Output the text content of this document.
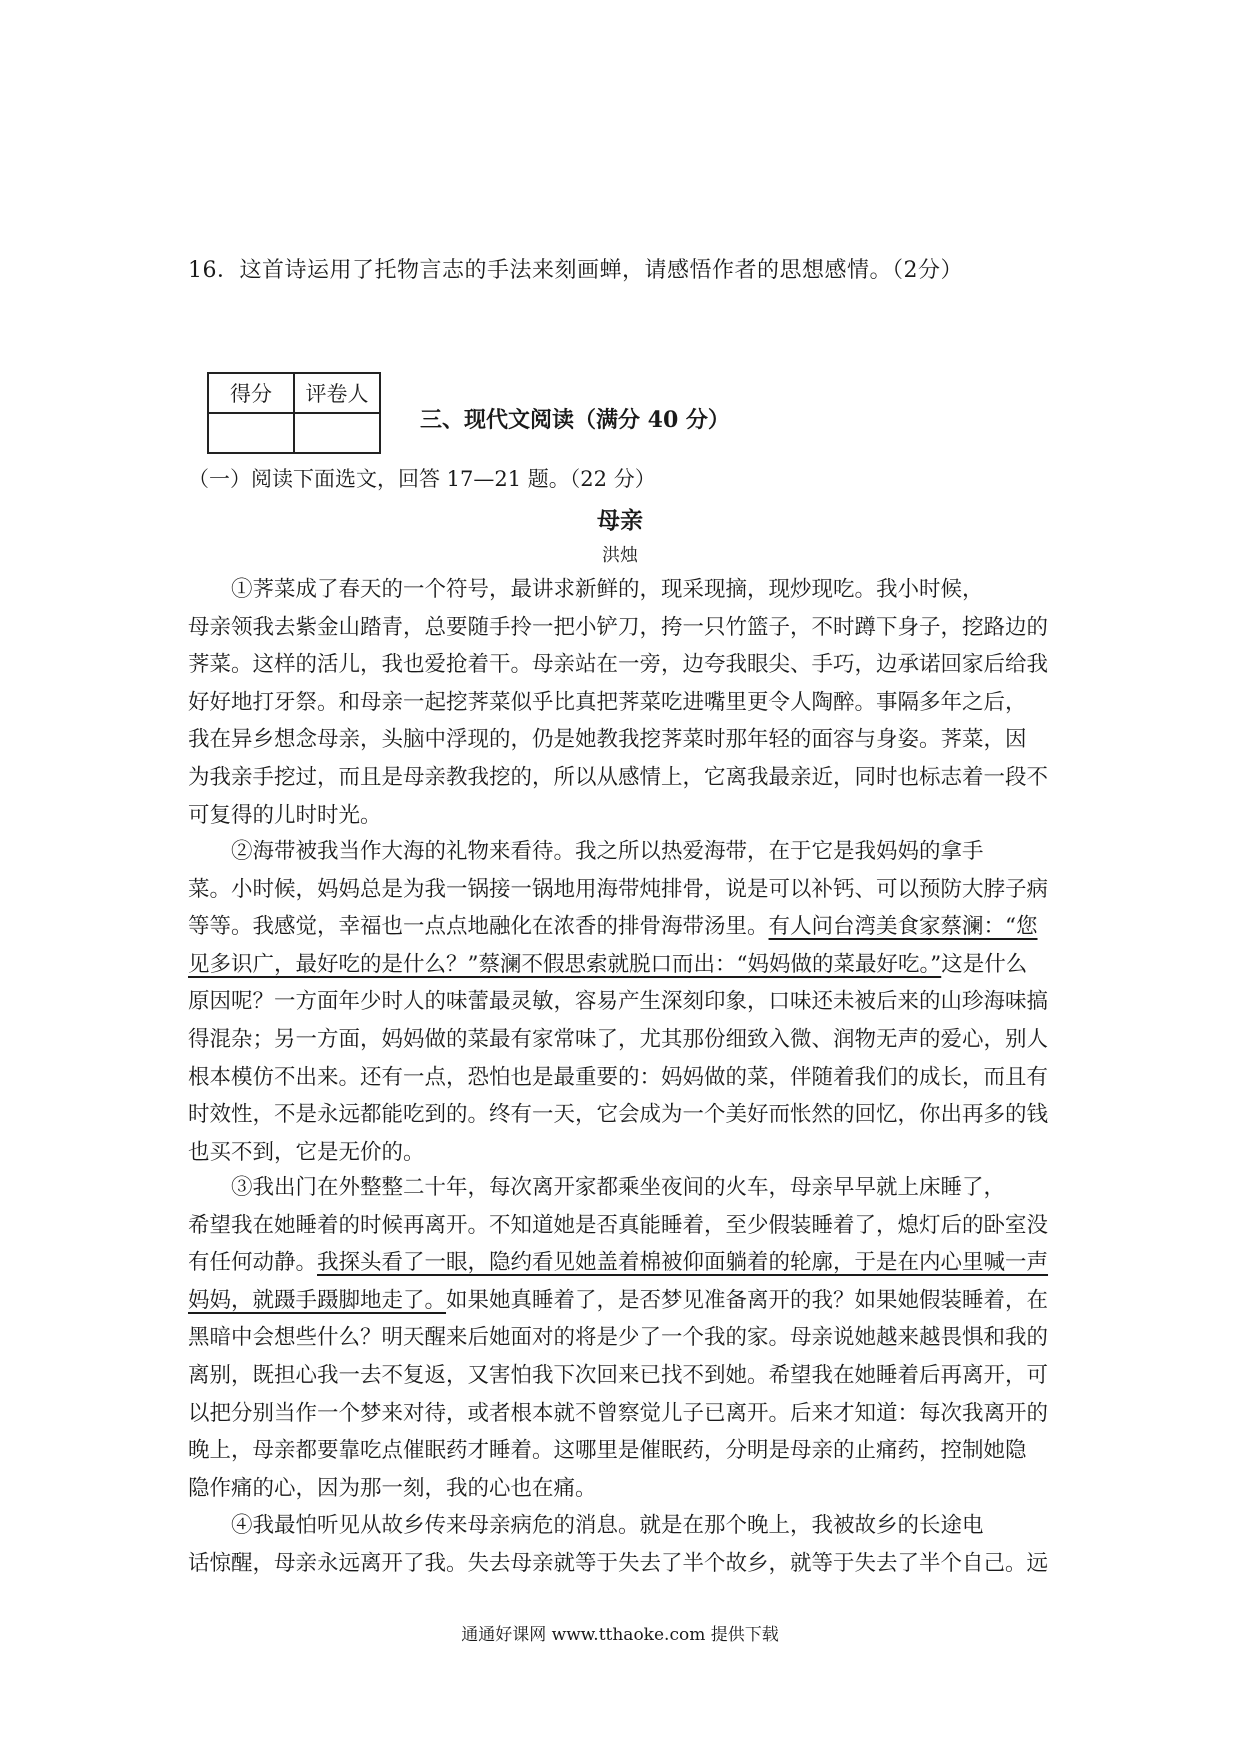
16．这首诗运用了托物言志的手法来刻画蝉，请感悟作者的思想感情。（2分）
得分	评卷人

三、现代文阅读（满分 40 分）
（一）阅读下面选文，回答 17—21 题。（22 分）
母亲
洪烛
①荠菜成了春天的一个符号，最讲求新鲜的，现采现摘，现炒现吃。我小时候，
母亲领我去紫金山踏青，总要随手拎一把小铲刀，挎一只竹篮子，不时蹲下身子，挖路边的
荠菜。这样的活儿，我也爱抢着干。母亲站在一旁，边夸我眼尖、手巧，边承诺回家后给我
好好地打牙祭。和母亲一起挖荠菜似乎比真把荠菜吃进嘴里更令人陶醉。事隔多年之后，
我在异乡想念母亲，头脑中浮现的，仍是她教我挖荠菜时那年轻的面容与身姿。荠菜，因
为我亲手挖过，而且是母亲教我挖的，所以从感情上，它离我最亲近，同时也标志着一段不
可复得的儿时时光。
②海带被我当作大海的礼物来看待。我之所以热爱海带，在于它是我妈妈的拿手
菜。小时候，妈妈总是为我一锅接一锅地用海带炖排骨，说是可以补钙、可以预防大脖子病
等等。我感觉，幸福也一点点地融化在浓香的排骨海带汤里。有人问台湾美食家蔡澜：“您
见多识广，最好吃的是什么？”蔡澜不假思索就脱口而出：“妈妈做的菜最好吃。”这是什么
原因呢？一方面年少时人的味蕾最灵敏，容易产生深刻印象，口味还未被后来的山珍海味搞
得混杂；另一方面，妈妈做的菜最有家常味了，尤其那份细致入微、润物无声的爱心，别人
根本模仿不出来。还有一点，恐怕也是最重要的：妈妈做的菜，伴随着我们的成长，而且有
时效性，不是永远都能吃到的。终有一天，它会成为一个美好而怅然的回忆，你出再多的钱
也买不到，它是无价的。
③我出门在外整整二十年，每次离开家都乘坐夜间的火车，母亲早早就上床睡了，
希望我在她睡着的时候再离开。不知道她是否真能睡着，至少假装睡着了，熄灯后的卧室没
有任何动静。我探头看了一眼，隐约看见她盖着棉被仰面躺着的轮廓，于是在内心里喊一声
妈妈，就蹑手蹑脚地走了。如果她真睡着了，是否梦见准备离开的我？如果她假装睡着，在
黑暗中会想些什么？明天醒来后她面对的将是少了一个我的家。母亲说她越来越畏惧和我的
离别，既担心我一去不复返，又害怕我下次回来已找不到她。希望我在她睡着后再离开，可
以把分别当作一个梦来对待，或者根本就不曾察觉儿子已离开。后来才知道：每次我离开的
晚上，母亲都要靠吃点催眠药才睡着。这哪里是催眠药，分明是母亲的止痛药，控制她隐
隐作痛的心，因为那一刻，我的心也在痛。
④我最怕听见从故乡传来母亲病危的消息。就是在那个晚上，我被故乡的长途电
话惊醒，母亲永远离开了我。失去母亲就等于失去了半个故乡，就等于失去了半个自己。远
通通好课网 www.tthaoke.com 提供下载
